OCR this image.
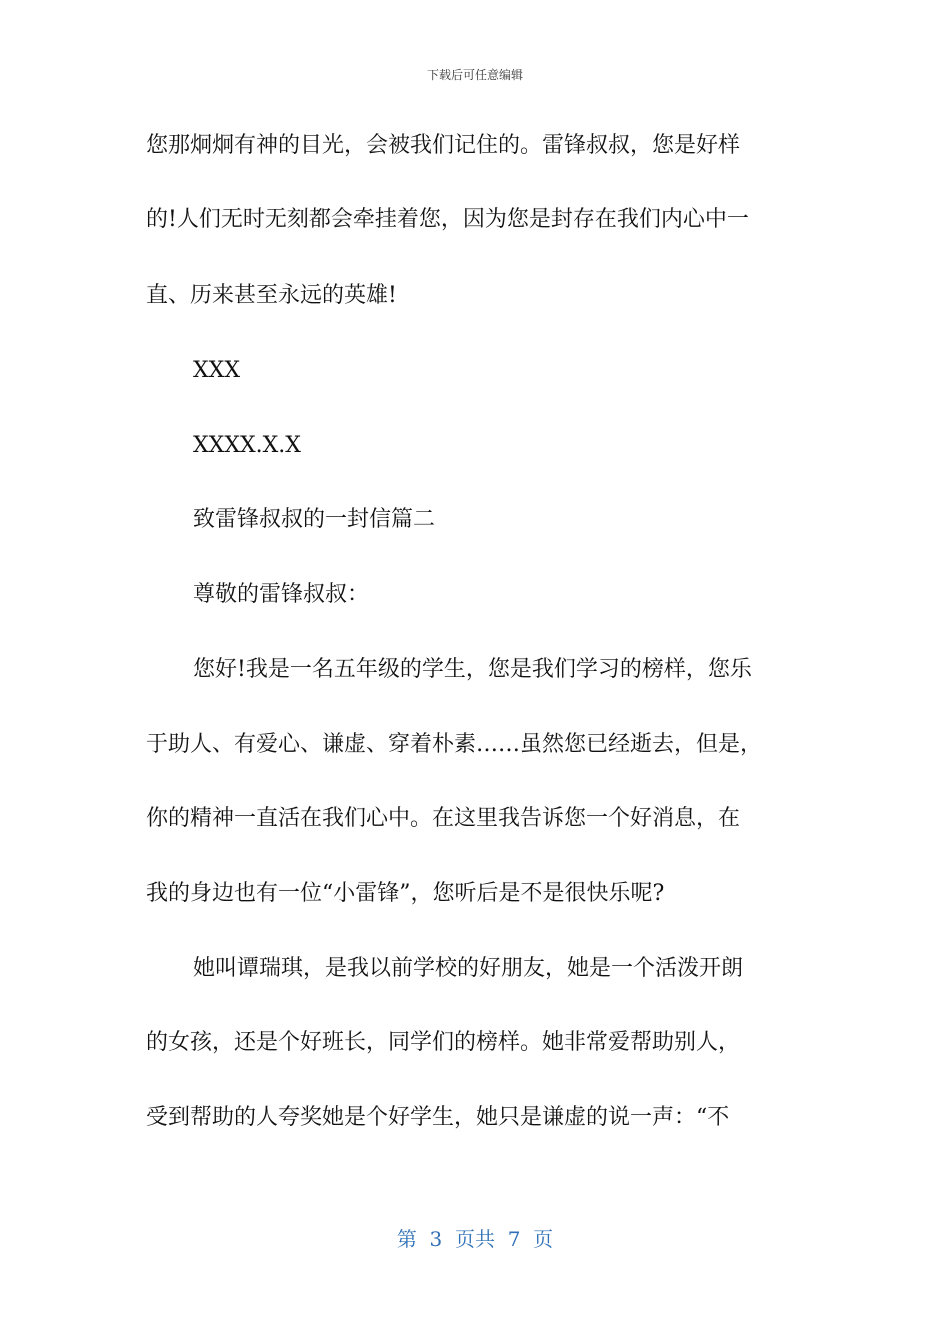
下载后可任意编辑
您那炯炯有神的目光，会被我们记住的。雷锋叔叔，您是好样
的!人们无时无刻都会牵挂着您，因为您是封存在我们内心中一
直、历来甚至永远的英雄!
XXX
XXXX.X.X
致雷锋叔叔的一封信篇二
尊敬的雷锋叔叔：
您好!我是一名五年级的学生，您是我们学习的榜样，您乐
于助人、有爱心、谦虚、穿着朴素……虽然您已经逝去，但是，
你的精神一直活在我们心中。在这里我告诉您一个好消息，在
我的身边也有一位“小雷锋”，您听后是不是很快乐呢?
她叫谭瑞琪，是我以前学校的好朋友，她是一个活泼开朗
的女孩，还是个好班长，同学们的榜样。她非常爱帮助别人，
受到帮助的人夸奖她是个好学生，她只是谦虚的说一声：“不
第  3  页共  7  页
